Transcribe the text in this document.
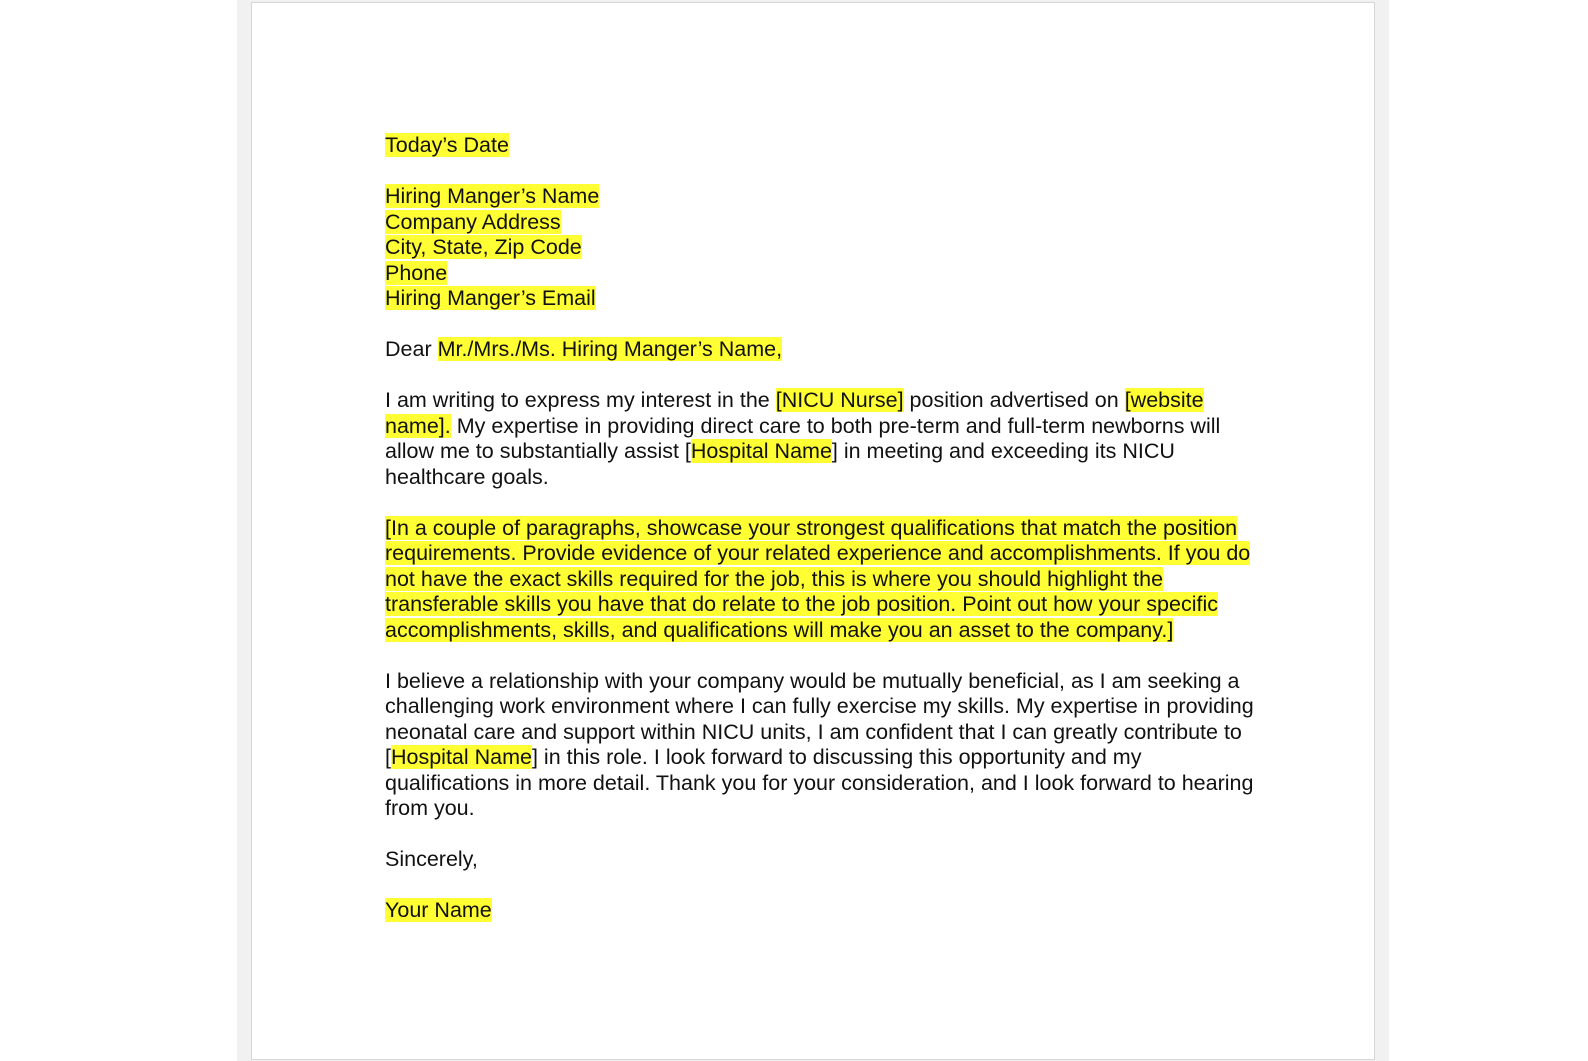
Today’s Date

Hiring Manger’s Name

Company Address

City, State, Zip Code

Phone

Hiring Manger’s Email

Dear Mr./Mrs./Ms. Hiring Manger’s Name,

I am writing to express my interest in the [NICU Nurse] position advertised on [website name]. My expertise in providing direct care to both pre-term and full-term newborns will allow me to substantially assist [Hospital Name] in meeting and exceeding its NICU healthcare goals.

[In a couple of paragraphs, showcase your strongest qualifications that match the position requirements. Provide evidence of your related experience and accomplishments. If you do not have the exact skills required for the job, this is where you should highlight the transferable skills you have that do relate to the job position. Point out how your specific accomplishments, skills, and qualifications will make you an asset to the company.]

I believe a relationship with your company would be mutually beneficial, as I am seeking a challenging work environment where I can fully exercise my skills. My expertise in providing neonatal care and support within NICU units, I am confident that I can greatly contribute to [Hospital Name] in this role. I look forward to discussing this opportunity and my qualifications in more detail. Thank you for your consideration, and I look forward to hearing from you.

Sincerely,

Your Name
